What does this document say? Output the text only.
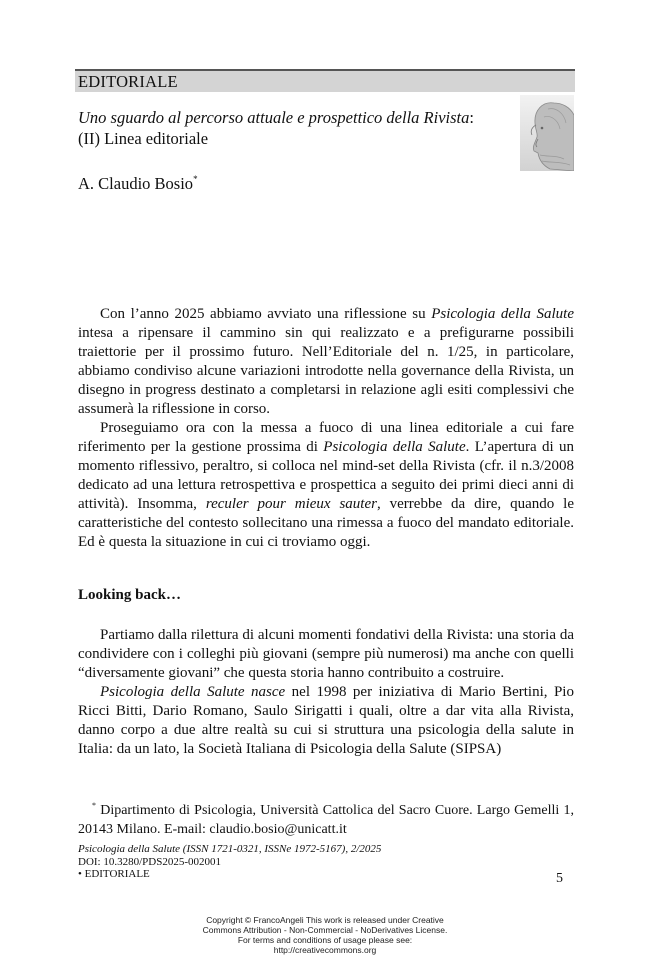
EDITORIALE
Uno sguardo al percorso attuale e prospettico della Rivista:
(II) Linea editoriale
A. Claudio Bosio*

Con l’anno 2025 abbiamo avviato una riflessione su Psicologia della Salute intesa a ripensare il cammino sin qui realizzato e a prefigurarne possibili traiettorie per il prossimo futuro. Nell’Editoriale del n. 1/25, in particolare, abbiamo condiviso alcune variazioni introdotte nella governance della Rivista, un disegno in progress destinato a completarsi in relazione agli esiti complessivi che assumerà la riflessione in corso.

Proseguiamo ora con la messa a fuoco di una linea editoriale a cui fare riferimento per la gestione prossima di Psicologia della Salute. L’apertura di un momento riflessivo, peraltro, si colloca nel mind-set della Rivista (cfr. il n.3/2008 dedicato ad una lettura retrospettiva e prospettica a seguito dei primi dieci anni di attività). Insomma, reculer pour mieux sauter, verrebbe da dire, quando le caratteristiche del contesto sollecitano una rimessa a fuoco del mandato editoriale. Ed è questa la situazione in cui ci troviamo oggi.

Looking back…

Partiamo dalla rilettura di alcuni momenti fondativi della Rivista: una storia da condividere con i colleghi più giovani (sempre più numerosi) ma anche con quelli “diversamente giovani” che questa storia hanno contribuito a costruire.

Psicologia della Salute nasce nel 1998 per iniziativa di Mario Bertini, Pio Ricci Bitti, Dario Romano, Saulo Sirigatti i quali, oltre a dar vita alla Rivista, danno corpo a due altre realtà su cui si struttura una psicologia della salute in Italia: da un lato, la Società Italiana di Psicologia della Salute (SIPSA)

* Dipartimento di Psicologia, Università Cattolica del Sacro Cuore. Largo Gemelli 1, 20143 Milano. E-mail: claudio.bosio@unicatt.it

Psicologia della Salute (ISSN 1721-0321, ISSNe 1972-5167), 2/2025
DOI: 10.3280/PDS2025-002001
• EDITORIALE	5
Copyright © FrancoAngeli This work is released under Creative
Commons Attribution - Non-Commercial - NoDerivatives License.
For terms and conditions of usage please see:
http://creativecommons.org
